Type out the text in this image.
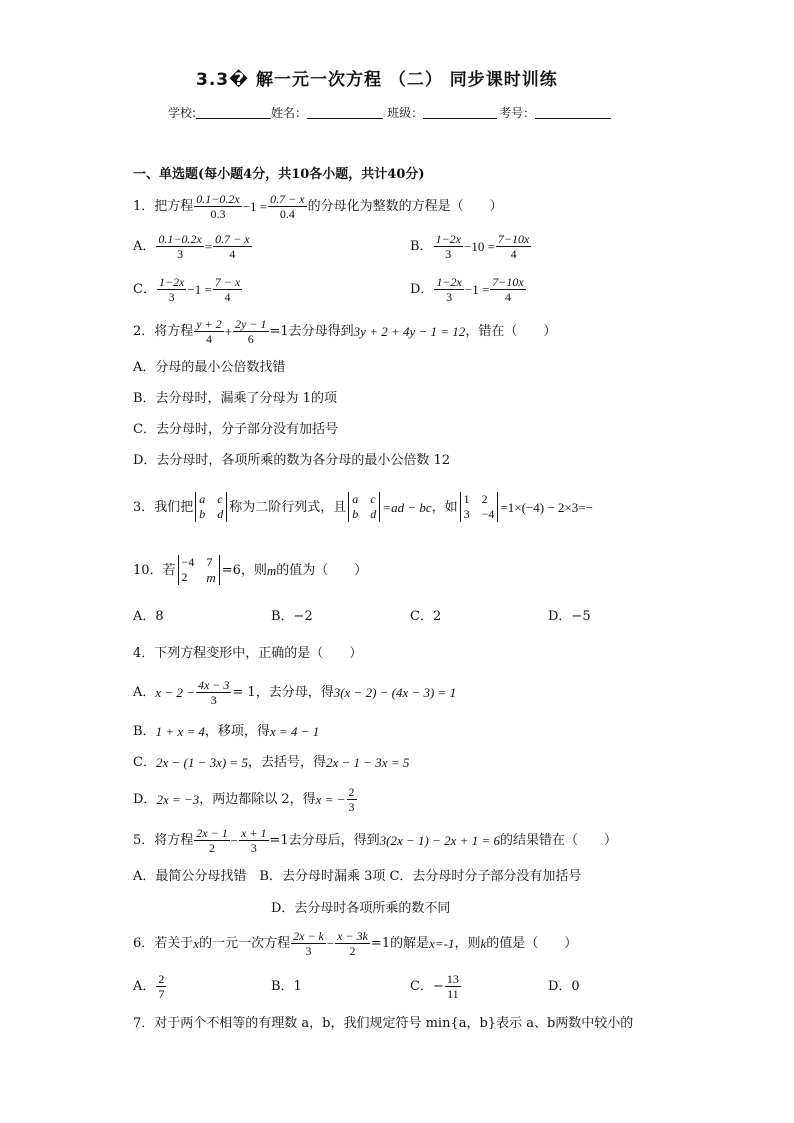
3.3� 解一元一次方程 （二） 同步课时训练
学校:	姓名：	班级：	考号：
一、单选题(每小题4分，共10各小题，共计40分)
1．把方程 $\frac{0.1-0.2x}{0.3} -1 = \frac{0.7 - x}{0.4}$ 的分母化为整数的方程是（　　）
A． $\frac{0.1-0.2x}{3} = \frac{0.7 - x}{4}$	B． $\frac{1-2x}{3} -10 = \frac{7-10x}{4}$
C． $\frac{1-2x}{3} -1 = \frac{7 - x}{4}$	D． $\frac{1-2x}{3} -1 = \frac{7-10x}{4}$
2．将方程 $\frac{y + 2}{4} + \frac{2y - 1}{6} =1$去分母得到 3y + 2 + 4y − 1 = 12 ，错在（　　）
A．分母的最小公倍数找错
B．去分母时，漏乘了分母为 1的项
C．去分母时，分子部分没有加括号
D．去分母时，各项所乘的数为各分母的最小公倍数 12
3．我们把
a c
b d 称为二阶行列式，且
a c
b d =ad − bc ，如
1 2
3 −4 =1×(−4) − 2×3=−
10．若
−4 7
2	m =6，则 m 的值为（　　）
A．8	B．−2	C．2	D．−5
4．下列方程变形中，正确的是（　　）
A． $x - 2 - \frac{4x - 3}{3} = 1$，去分母，得 3(x − 2) − (4x − 3) = 1
B． 1 + x = 4 ，移项，得 x = 4 − 1
C． 2x − (1 − 3x) = 5 ，去括号，得 2x − 1 − 3x = 5
D． 2x = −3 ，两边都除以 2，得 x = − $\frac{2}{3}$
5．将方程 $\frac{2x - 1}{2} - \frac{x + 1}{3} =1$去分母后，得到 3(2x − 1) − 2x + 1 = 6 的结果错在（　　）
A．最简公分母找错　B．去分母时漏乘 3项 C．去分母时分子部分没有加括号
D．去分母时各项所乘的数不同
6．若关于 x 的一元一次方程 $\frac{2x - k}{3} - \frac{x - 3k}{2} =1$的解是 x=-1 ，则 k 的值是（　　）
A． $\frac{2}{7}$	B．1	C．− $\frac{13}{11}$	D．0
7．对于两个不相等的有理数 a，b，我们规定符号 min{a，b}表示 a、b两数中较小的
